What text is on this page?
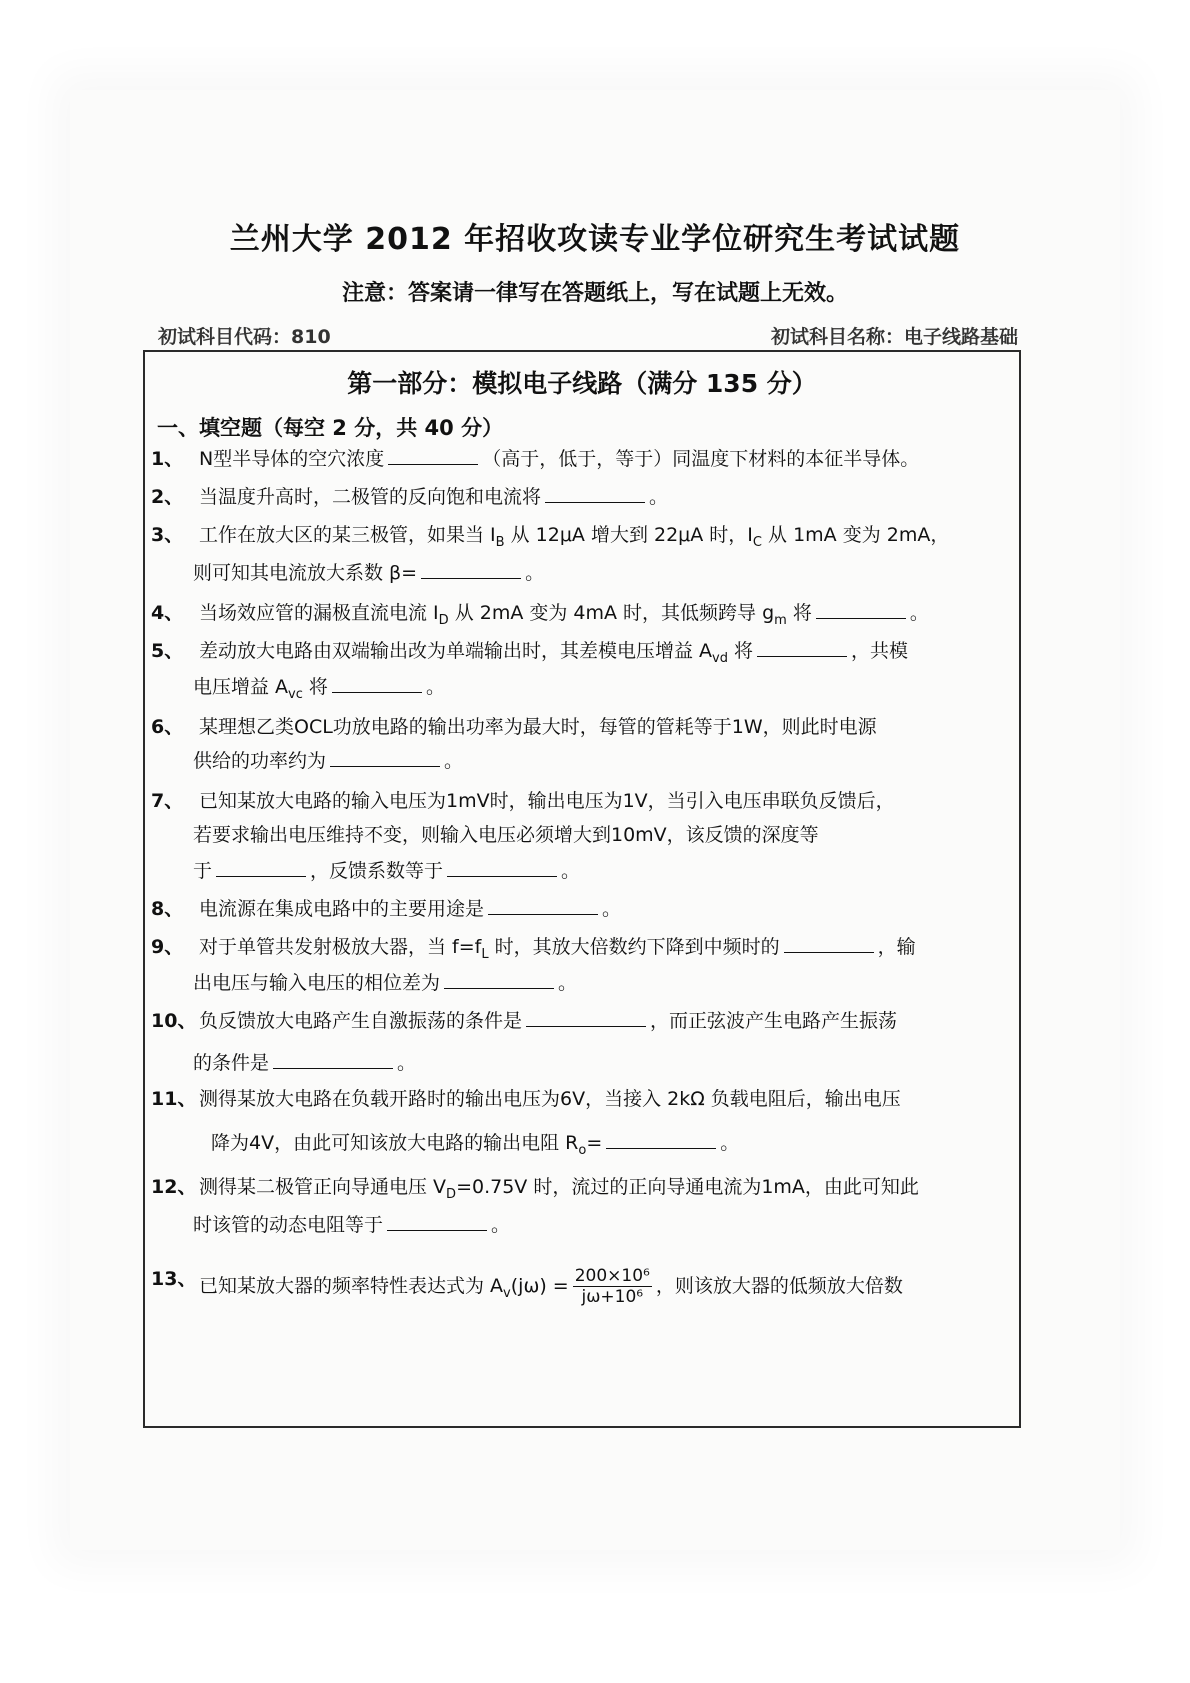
兰州大学 2012 年招收攻读专业学位研究生考试试题
注意：答案请一律写在答题纸上，写在试题上无效。
初试科目代码：810	初试科目名称：电子线路基础
第一部分：模拟电子线路（满分 135 分）
一、填空题（每空 2 分，共 40 分）
1、 N型半导体的空穴浓度	（高于，低于，等于）同温度下材料的本征半导体。
2、 当温度升高时，二极管的反向饱和电流将	。
3、 工作在放大区的某三极管，如果当 $I_B$ 从 12μA 增大到 22μA 时，$I_C$ 从 1mA 变为 2mA，
则可知其电流放大系数 β=	。
4、 当场效应管的漏极直流电流 $I_D$ 从 2mA 变为 4mA 时，其低频跨导 $g_m$ 将	。
5、 差动放大电路由双端输出改为单端输出时，其差模电压增益 $A_{vd}$ 将	，共模
电压增益 $A_{vc}$ 将	。
6、 某理想乙类OCL功放电路的输出功率为最大时，每管的管耗等于1W，则此时电源
供给的功率约为	。
7、 已知某放大电路的输入电压为1mV时，输出电压为1V，当引入电压串联负反馈后，
若要求输出电压维持不变，则输入电压必须增大到10mV，该反馈的深度等
于	，反馈系数等于	。
8、 电流源在集成电路中的主要用途是	。
9、 对于单管共发射极放大器，当 $f=f_L$ 时，其放大倍数约下降到中频时的	，输
出电压与输入电压的相位差为	。
10、 负反馈放大电路产生自激振荡的条件是	，而正弦波产生电路产生振荡
的条件是	。
11、 测得某放大电路在负载开路时的输出电压为6V，当接入 2kΩ 负载电阻后，输出电压
降为4V，由此可知该放大电路的输出电阻 $R_o=$	。
12、 测得某二极管正向导通电压 $V_D=0.75V$ 时，流过的正向导通电流为1mA，由此可知此
时该管的动态电阻等于	。
13、 已知某放大器的频率特性表达式为 $A_v(j\omega) = \frac{\text{200×10⁶}}{\text{jω+10⁶}}$ ，则该放大器的低频放大倍数
